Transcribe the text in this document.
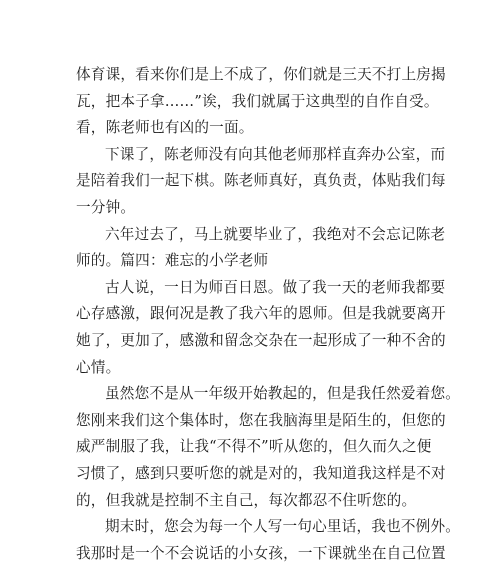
体育课，看来你们是上不成了，你们就是三天不打上房揭
瓦，把本子拿……”诶，我们就属于这典型的自作自受。
看，陈老师也有凶的一面。
下课了，陈老师没有向其他老师那样直奔办公室，而
是陪着我们一起下棋。陈老师真好，真负责，体贴我们每
一分钟。
六年过去了，马上就要毕业了，我绝对不会忘记陈老
师的。篇四：难忘的小学老师
古人说，一日为师百日恩。做了我一天的老师我都要
心存感激，跟何况是教了我六年的恩师。但是我就要离开
她了，更加了，感激和留念交杂在一起形成了一种不舍的
心情。
虽然您不是从一年级开始教起的，但是我任然爱着您。
您刚来我们这个集体时，您在我脑海里是陌生的，但您的
威严制服了我，让我“不得不”听从您的，但久而久之便
习惯了，感到只要听您的就是对的，我知道我这样是不对
的，但我就是控制不主自己，每次都忍不住听您的。
期末时，您会为每一个人写一句心里话，我也不例外。
我那时是一个不会说话的小女孩，一下课就坐在自己位置
